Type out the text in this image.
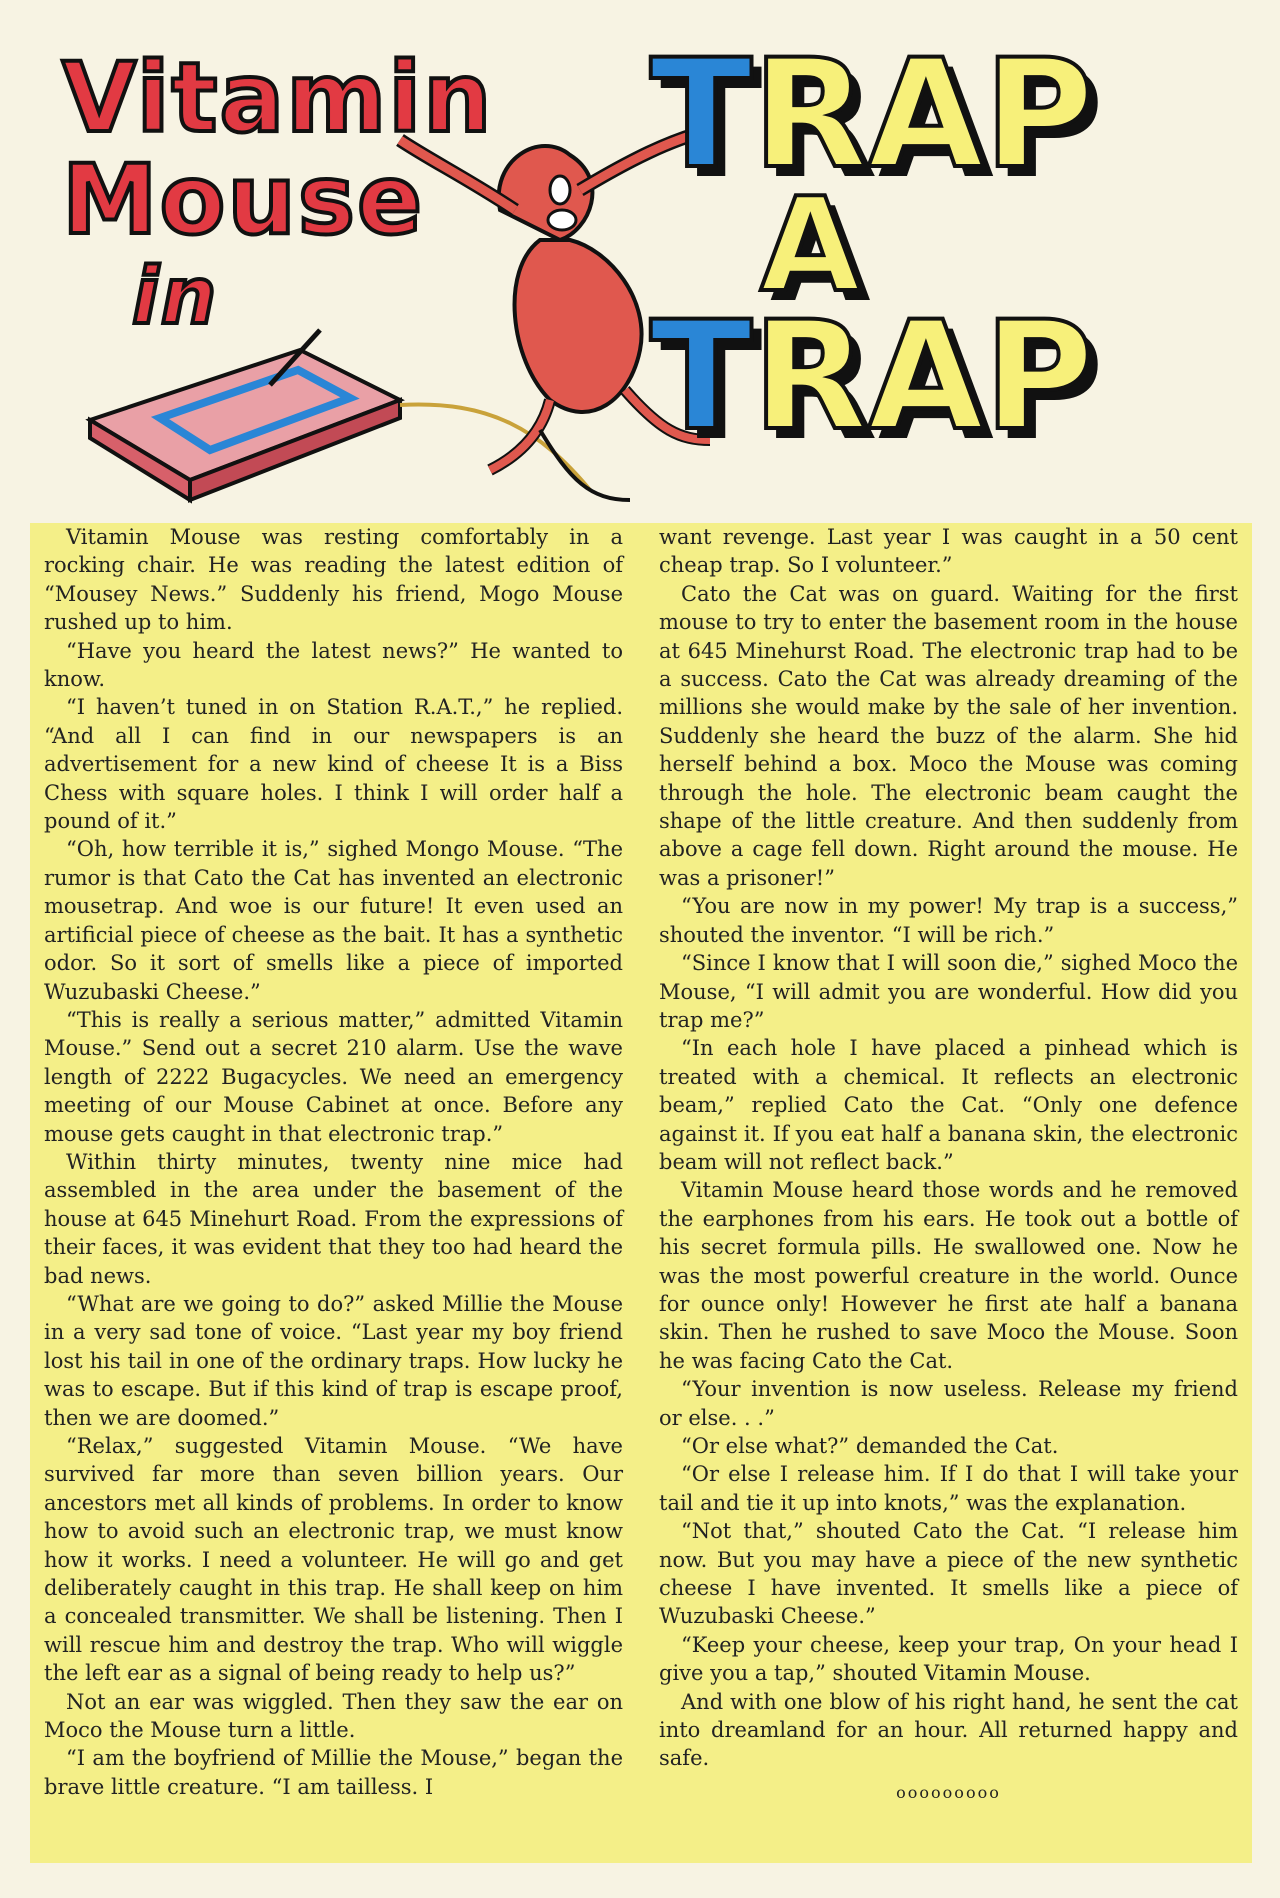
Vitamin
Mouse
in
TRAP
A
TRAP

Vitamin Mouse was resting comfortably in a rocking chair. He was reading the latest edition of “Mousey News.” Suddenly his friend, Mogo Mouse rushed up to him.

“Have you heard the latest news?” He wanted to know.

“I haven’t tuned in on Station R.A.T.,” he replied. “And all I can find in our newspapers is an advertisement for a new kind of cheese It is a Biss Chess with square holes. I think I will order half a pound of it.”

“Oh, how terrible it is,” sighed Mongo Mouse. “The rumor is that Cato the Cat has invented an electronic mousetrap. And woe is our future! It even used an artificial piece of cheese as the bait. It has a synthetic odor. So it sort of smells like a piece of imported Wuzubaski Cheese.”

“This is really a serious matter,” admitted Vitamin Mouse.” Send out a secret 210 alarm. Use the wave length of 2222 Bugacycles. We need an emergency meeting of our Mouse Cabinet at once. Before any mouse gets caught in that electronic trap.”

Within thirty minutes, twenty nine mice had assembled in the area under the basement of the house at 645 Minehurt Road. From the expressions of their faces, it was evident that they too had heard the bad news.

“What are we going to do?” asked Millie the Mouse in a very sad tone of voice. “Last year my boy friend lost his tail in one of the ordinary traps. How lucky he was to escape. But if this kind of trap is escape proof, then we are doomed.”

“Relax,” suggested Vitamin Mouse. “We have survived far more than seven billion years. Our ancestors met all kinds of problems. In order to know how to avoid such an electronic trap, we must know how it works. I need a volunteer. He will go and get deliberately caught in this trap. He shall keep on him a concealed transmitter. We shall be listening. Then I will rescue him and destroy the trap. Who will wiggle the left ear as a signal of being ready to help us?”

Not an ear was wiggled. Then they saw the ear on Moco the Mouse turn a little.

“I am the boyfriend of Millie the Mouse,” began the brave little creature. “I am tailless. I

want revenge. Last year I was caught in a 50 cent cheap trap. So I volunteer.”

Cato the Cat was on guard. Waiting for the first mouse to try to enter the basement room in the house at 645 Minehurst Road. The electronic trap had to be a success. Cato the Cat was already dreaming of the millions she would make by the sale of her invention. Suddenly she heard the buzz of the alarm. She hid herself behind a box. Moco the Mouse was coming through the hole. The electronic beam caught the shape of the little creature. And then suddenly from above a cage fell down. Right around the mouse. He was a prisoner!”

“You are now in my power! My trap is a success,” shouted the inventor. “I will be rich.”

“Since I know that I will soon die,” sighed Moco the Mouse, “I will admit you are wonderful. How did you trap me?”

“In each hole I have placed a pinhead which is treated with a chemical. It reflects an electronic beam,” replied Cato the Cat. “Only one defence against it. If you eat half a banana skin, the electronic beam will not reflect back.”

Vitamin Mouse heard those words and he removed the earphones from his ears. He took out a bottle of his secret formula pills. He swallowed one. Now he was the most powerful creature in the world. Ounce for ounce only! However he first ate half a banana skin. Then he rushed to save Moco the Mouse. Soon he was facing Cato the Cat.

“Your invention is now useless. Release my friend or else. . .”

“Or else what?” demanded the Cat.

“Or else I release him. If I do that I will take your tail and tie it up into knots,” was the explanation.

“Not that,” shouted Cato the Cat. “I release him now. But you may have a piece of the new synthetic cheese I have invented. It smells like a piece of Wuzubaski Cheese.”

“Keep your cheese, keep your trap, On your head I give you a tap,” shouted Vitamin Mouse.

And with one blow of his right hand, he sent the cat into dreamland for an hour. All returned happy and safe.

ooooooooo
